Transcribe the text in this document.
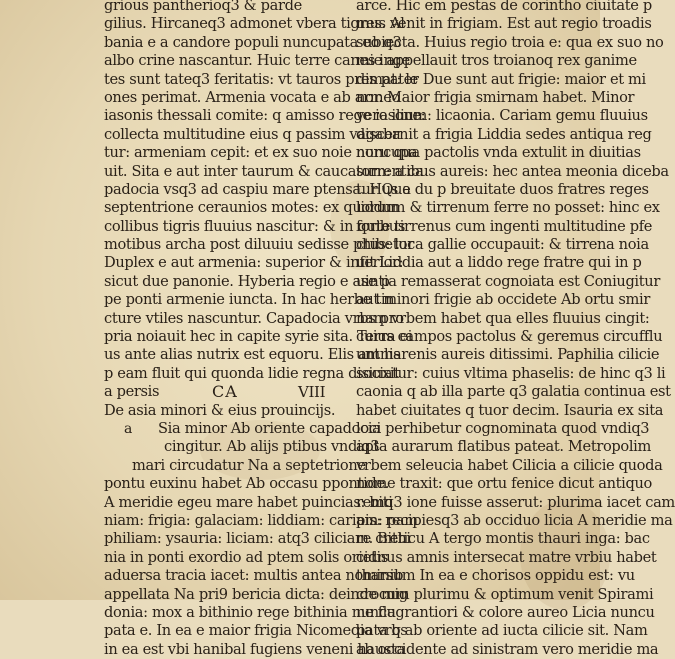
grious pantherioq3 & parde
gilius. Hircaneq3 admonet vbera tigres. Al
bania e a candore populi nuncupata eo q3
albo crine nascantur. Huic terre canes inge
tes sunt tateq3 feritatis: vt tauros premat: le
ones perimat. Armenia vocata e ab armeo
iasonis thessali comite: q amisso rege iasone:
collecta multitudine eius q passim vagaba
tur: armeniam cepit: et ex suo noie nuncupa
uit. Sita e aut inter taurum & caucasum: a ca
padocia vsq3 ad caspiu mare ptensa. Hus a
septentrione ceraunios motes: ex quorum
collibus tigris fluuius nascitur: & in quibus
motibus archa post diluuiu sedisse phibetur
Duplex e aut armenia: superior & inferior:
sicut due panonie. Hyberia regio e ase p
pe ponti armenie iuncta. In hac herbe tin
cture vtiles nascuntur. Capadocia vrbs pro
pria noiauit hec in capite syrie sita. Terra ei
us ante alias nutrix est equoru. Elis amnis
p eam fluit qui quonda lidie regna disiuxit
a persis	CA	VIII
De asia minori & eius prouincijs.
a Sia minor Ab oriente capadocia
cingitur. Ab alijs ptibus vndiq3
mari circudatur Na a septetrione
pontu euxinu habet Ab occasu ppontide.
A meridie egeu mare habet puincias: biti
niam: frigia: galaciam: liddiam: cariam: pam
philiam: ysauria: liciam: atq3 ciliciam. Bithi
nia in ponti exordio ad ptem solis orietis
aduersa tracia iacet: multis antea nominib
appellata Na pri9 bericia dicta: deinde mig
donia: mox a bithinio rege bithinia nuncu
pata e. In ea e maior frigia Nicomedia vrbs
in ea est vbi hanibal fugiens veneni hausta
arce. Hic em pestas de corintho ciuitate p
mus venit in frigiam. Est aut regio troadis
subiecta. Huius regio troia e: qua ex suo no
mie appellauit tros troianoq rex ganime
dis pater Due sunt aut frigie: maior et mi
nor. Maior frigia smirnam habet. Minor
vero ilium: licaonia. Cariam gemu fluuius
discernit a frigia Liddia sedes antiqua reg
noru qua pactolis vnda extulit in diuitias
torrentibus aureis: hec antea meonia diceba
tur Que du p breuitate duos fratres reges
liddum & tirrenum ferre no posset: hinc ex
forte tirrenus cum ingenti multitudine pfe
ctus: loca gallie occupauit: & tirrena noia
uit Liddia aut a liddo rege fratre qui in p
uintia remasserat cognoiata est Coniugitur
aut minori frigie ab occidete Ab ortu smir
nam vrbem habet qua elles fluuius cingit:
cuius campos pactolus & geremus circufflu
unt harenis aureis ditissimi. Paphilia cilicie
sociatur: cuius vltima phaselis: de hinc q3 li
caonia q ab illa parte q3 galatia continua est
habet ciuitates q tuor decim. Isauria ex sita
loci perhibetur cognominata quod vndiq3
apta aurarum flatibus pateat. Metropolim
vrbem seleucia habet Cilicia a cilicie quoda
nome traxit: que ortu fenice dicut antiquo
remq3 ione fuisse asserut: plurima iacet cam
pis: recipiesq3 ab occiduo licia A meridie ma
re creticu A tergo montis thauri inga: bac
cidnus amnis intersecat matre vrbiu habet
tharsum In ea e chorisos oppidu est: vu
crocum plurimu & optimum venit Spirami
ne flagrantiori & colore aureo Licia nuncu
pata q ab oriente ad iucta cilicie sit. Nam
ab occidente ad sinistram vero meridie ma
